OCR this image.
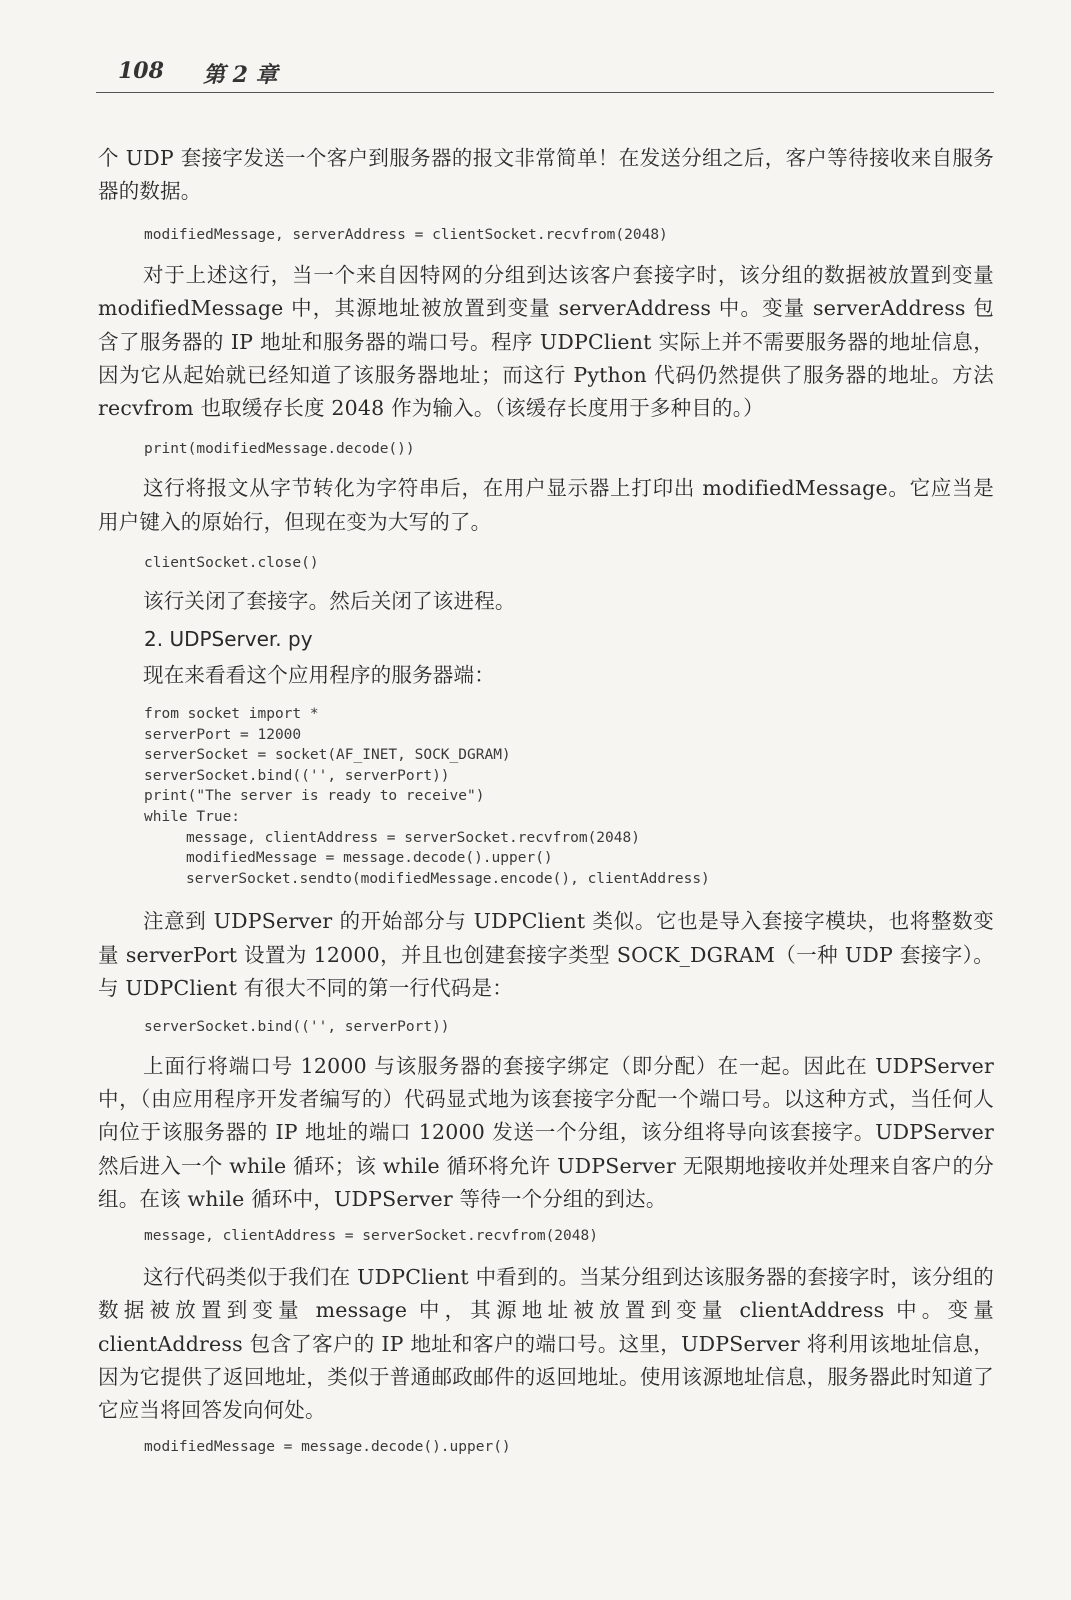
108 第 2 章

个 UDP 套接字发送一个客户到服务器的报文非常简单！在发送分组之后，客户等待接收来自服务器的数据。

modifiedMessage, serverAddress = clientSocket.recvfrom(2048)

对于上述这行，当一个来自因特网的分组到达该客户套接字时，该分组的数据被放置到变量 modifiedMessage 中，其源地址被放置到变量 serverAddress 中。变量 serverAddress 包含了服务器的 IP 地址和服务器的端口号。程序 UDPClient 实际上并不需要服务器的地址信息，因为它从起始就已经知道了该服务器地址；而这行 Python 代码仍然提供了服务器的地址。方法 recvfrom 也取缓存长度 2048 作为输入。（该缓存长度用于多种目的。）

print(modifiedMessage.decode())

这行将报文从字节转化为字符串后，在用户显示器上打印出 modifiedMessage。它应当是用户键入的原始行，但现在变为大写的了。

clientSocket.close()

该行关闭了套接字。然后关闭了该进程。

2. UDPServer. py

现在来看看这个应用程序的服务器端：

from socket import *
serverPort = 12000
serverSocket = socket(AF_INET, SOCK_DGRAM)
serverSocket.bind(('', serverPort))
print("The server is ready to receive")
while True:
message, clientAddress = serverSocket.recvfrom(2048)
modifiedMessage = message.decode().upper()
serverSocket.sendto(modifiedMessage.encode(), clientAddress)

注意到 UDPServer 的开始部分与 UDPClient 类似。它也是导入套接字模块，也将整数变量 serverPort 设置为 12000，并且也创建套接字类型 SOCK_DGRAM（一种 UDP 套接字）。与 UDPClient 有很大不同的第一行代码是：

serverSocket.bind(('', serverPort))

上面行将端口号 12000 与该服务器的套接字绑定（即分配）在一起。因此在 UDPServer 中，（由应用程序开发者编写的）代码显式地为该套接字分配一个端口号。以这种方式，当任何人向位于该服务器的 IP 地址的端口 12000 发送一个分组，该分组将导向该套接字。UDPServer 然后进入一个 while 循环；该 while 循环将允许 UDPServer 无限期地接收并处理来自客户的分组。在该 while 循环中，UDPServer 等待一个分组的到达。

message, clientAddress = serverSocket.recvfrom(2048)

这行代码类似于我们在 UDPClient 中看到的。当某分组到达该服务器的套接字时，该分组的数据被放置到变量 message 中，其源地址被放置到变量 clientAddress 中。变量 clientAddress 包含了客户的 IP 地址和客户的端口号。这里，UDPServer 将利用该地址信息，因为它提供了返回地址，类似于普通邮政邮件的返回地址。使用该源地址信息，服务器此时知道了它应当将回答发向何处。

modifiedMessage = message.decode().upper()
